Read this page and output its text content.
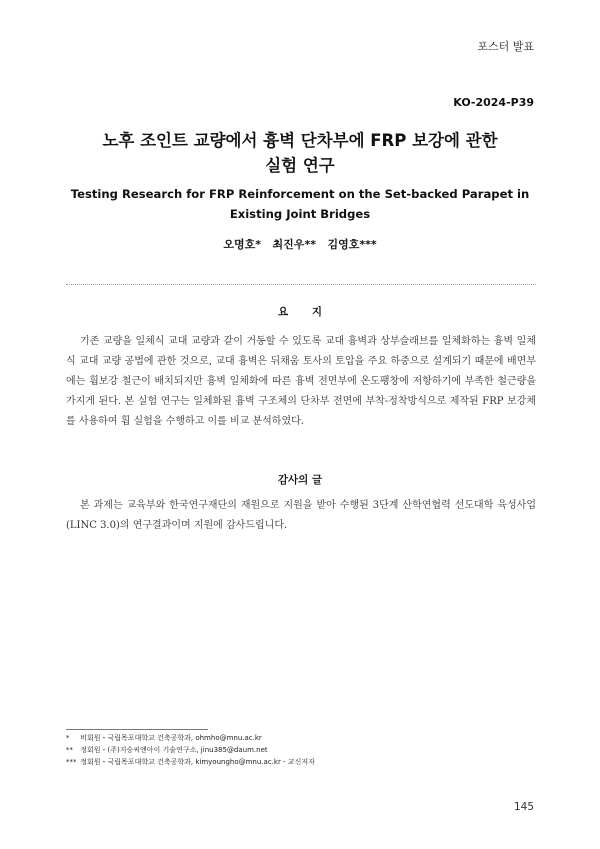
포스터 발표
KO-2024-P39
노후 조인트 교량에서 흉벽 단차부에 FRP 보강에 관한
실험 연구
Testing Research for FRP Reinforcement on the Set-backed Parapet in
Existing Joint Bridges
오명호* 최진우** 김영호***
요 지

기존 교량을 일체식 교대 교량과 같이 거동할 수 있도록 교대 흉벽과 상부슬래브를 일체화하는 흉벽 일체식 교대 교량 공법에 관한 것으로, 교대 흉벽은 뒤채움 토사의 토압을 주요 하중으로 설계되기 때문에 배면부에는 휨보강 철근이 배치되지만 흉벽 일체화에 따른 흉벽 전면부에 온도팽창에 저항하기에 부족한 철근량을 가지게 된다. 본 실험 연구는 일체화된 흉벽 구조체의 단차부 전면에 부착-정착방식으로 제작된 FRP 보강체를 사용하여 휨 실험을 수행하고 이를 비교 분석하였다.

감사의 글

본 과제는 교육부와 한국연구재단의 재원으로 지원을 받아 수행된 3단계 산학연협력 선도대학 육성사업(LINC 3.0)의 연구결과이며 지원에 감사드립니다.

* 비회원・국립목포대학교 건축공학과, ohmho@mnu.ac.kr
** 정회원・(주)지승씨앤아이 기술연구소, jinu385@daum.net
*** 정회원・국립목포대학교 건축공학과, kimyoungho@mnu.ac.kr - 교신저자
145
